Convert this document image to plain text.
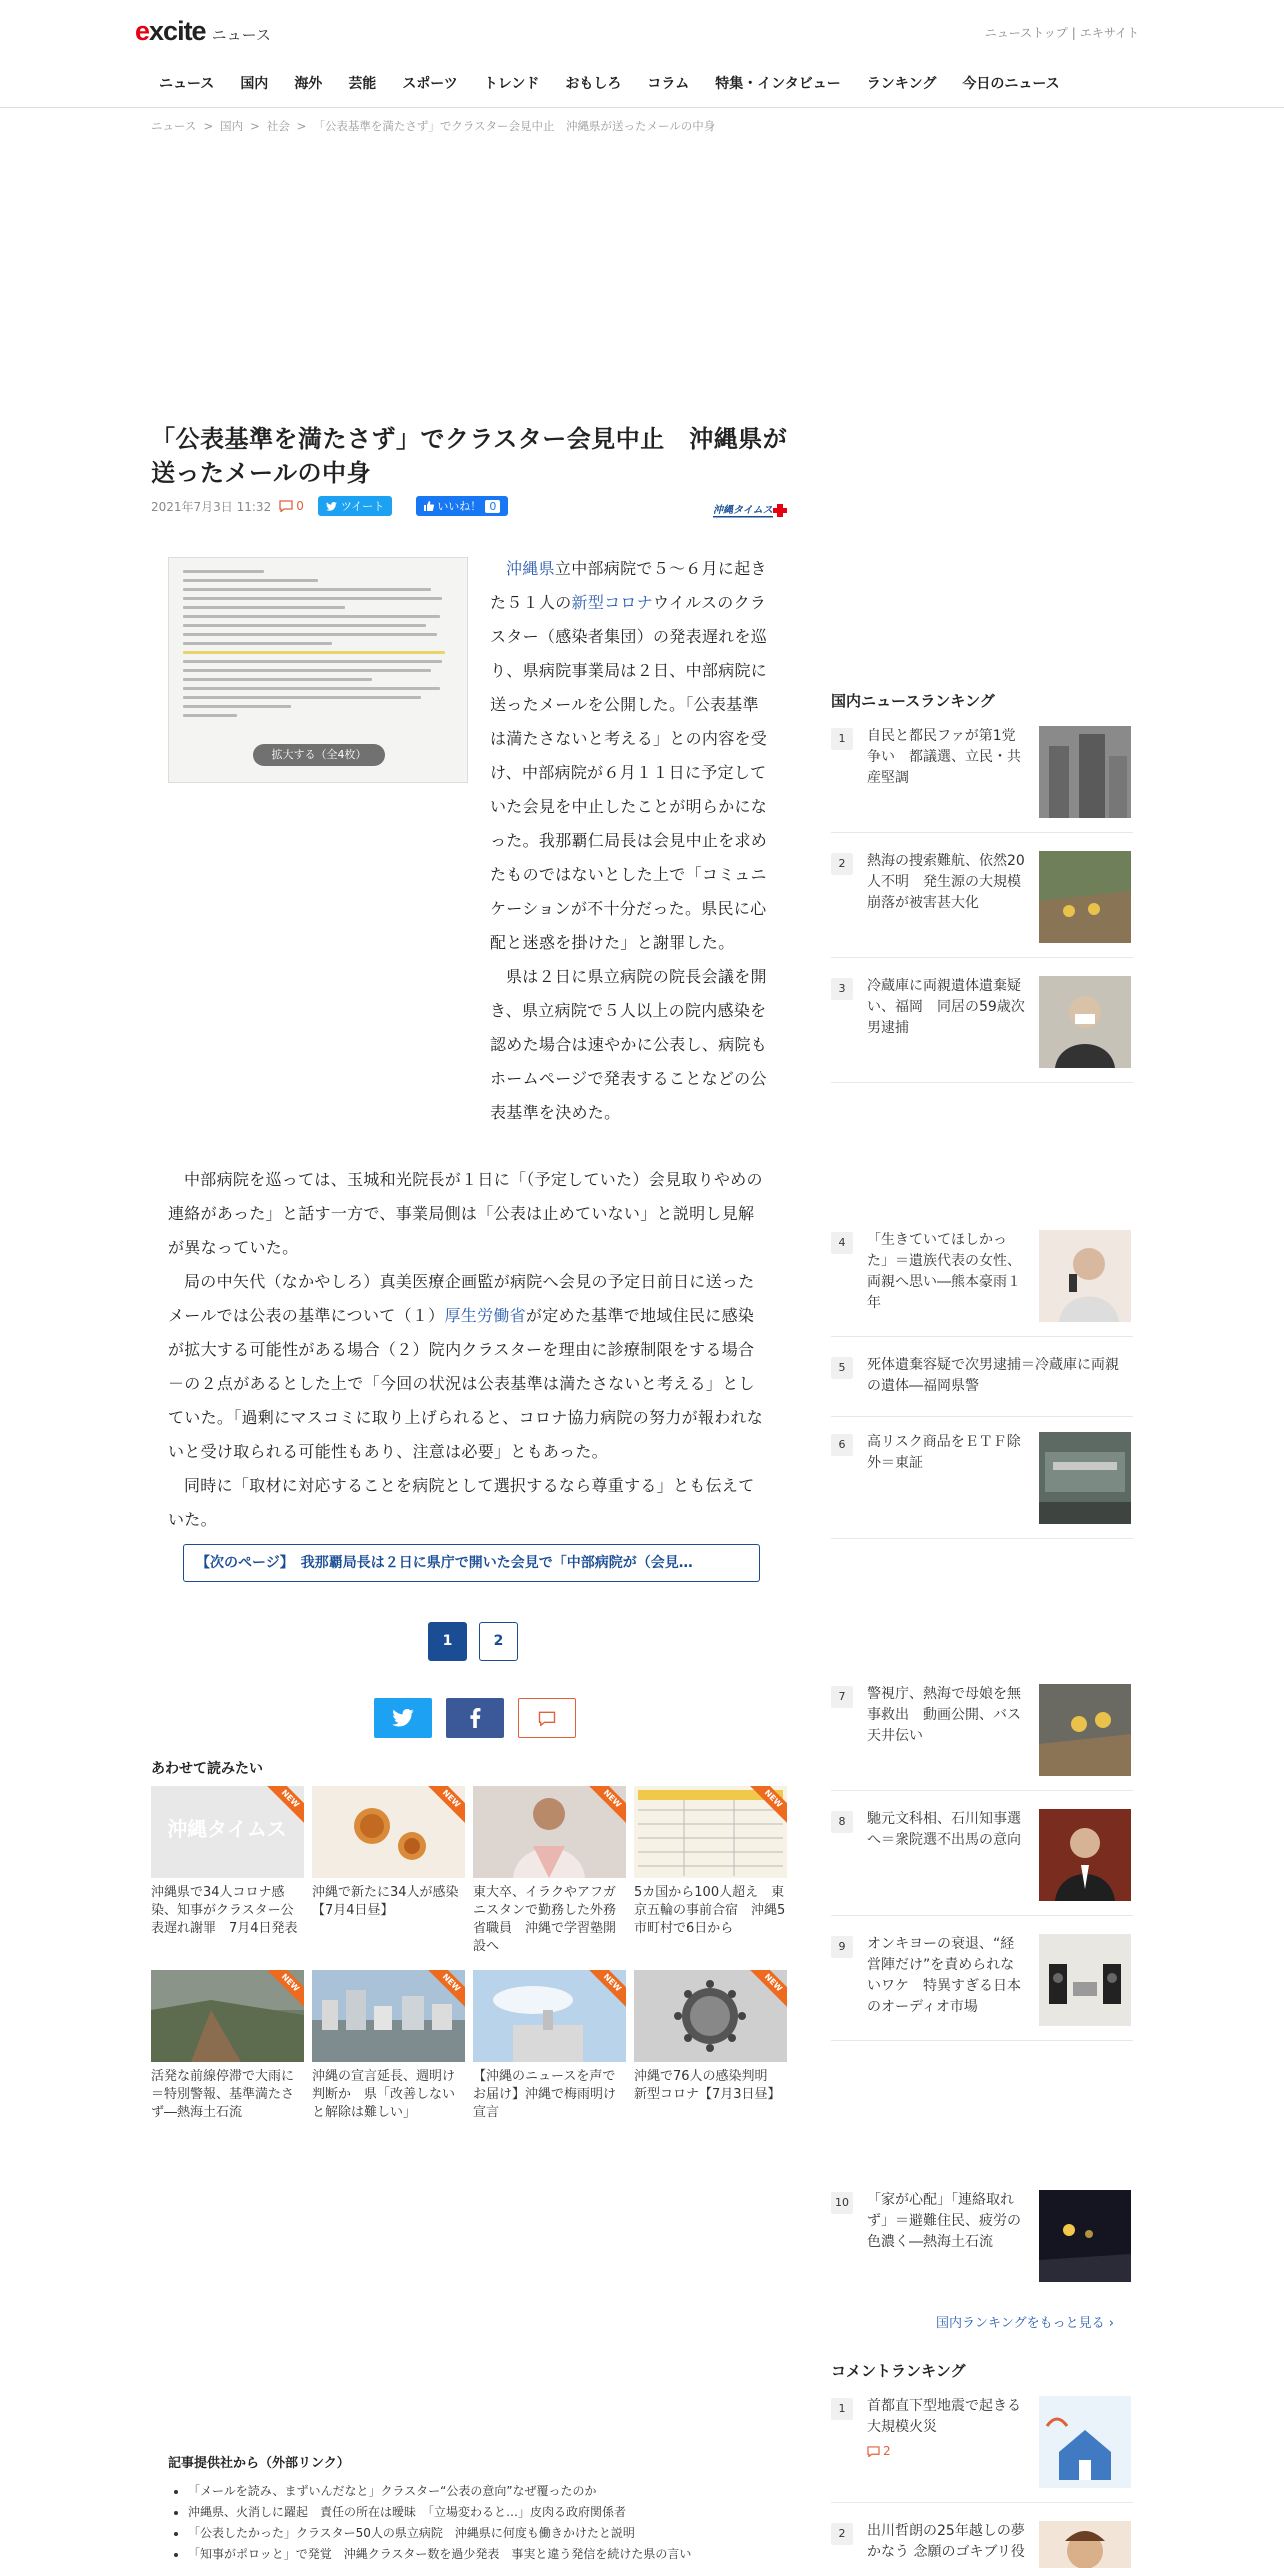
excite ニュース	ニューストップ | エキサイト
ニュース	国内	海外	芸能	スポーツ	トレンド	おもしろ	コラム	特集・インタビュー	ランキング	今日のニュース
ニュース > 国内 > 社会 > 「公表基準を満たさず」でクラスター会見中止　沖縄県が送ったメールの中身
「公表基準を満たさず」でクラスター会見中止　沖縄県が送ったメールの中身
2021年7月3日 11:32 0	ツイート	いいね！ 0	沖縄タイムス
拡大する（全4枚）

沖縄県立中部病院で５～６月に起きた５１人の新型コロナウイルスのクラスター（感染者集団）の発表遅れを巡り、県病院事業局は２日、中部病院に送ったメールを公開した。「公表基準は満たさないと考える」との内容を受け、中部病院が６月１１日に予定していた会見を中止したことが明らかになった。我那覇仁局長は会見中止を求めたものではないとした上で「コミュニケーションが不十分だった。県民に心配と迷惑を掛けた」と謝罪した。

県は２日に県立病院の院長会議を開き、県立病院で５人以上の院内感染を認めた場合は速やかに公表し、病院もホームページで発表することなどの公表基準を決めた。

中部病院を巡っては、玉城和光院長が１日に「（予定していた）会見取りやめの連絡があった」と話す一方で、事業局側は「公表は止めていない」と説明し見解が異なっていた。

局の中矢代（なかやしろ）真美医療企画監が病院へ会見の予定日前日に送ったメールでは公表の基準について（１）厚生労働省が定めた基準で地域住民に感染が拡大する可能性がある場合（２）院内クラスターを理由に診療制限をする場合－の２点があるとした上で「今回の状況は公表基準は満たさないと考える」としていた。「過剰にマスコミに取り上げられると、コロナ協力病院の努力が報われないと受け取られる可能性もあり、注意は必要」ともあった。

同時に「取材に対応することを病院として選択するなら尊重する」とも伝えていた。

【次のページ】　我那覇局長は２日に県庁で開いた会見で「中部病院が（会見…
1	2
あわせて読みたい
沖縄タイムス
NEW
沖縄県で34人コロナ感染、知事がクラスター公表遅れ謝罪　7月4日発表
NEW
沖縄で新たに34人が感染【7月4日昼】
NEW
東大卒、イラクやアフガニスタンで勤務した外務省職員　沖縄で学習塾開設へ
NEW
5カ国から100人超え　東京五輪の事前合宿　沖縄5市町村で6日から
NEW
活発な前線停滞で大雨に＝特別警報、基準満たさず―熱海土石流
NEW
沖縄の宣言延長、週明け判断か　県「改善しないと解除は難しい」
NEW
【沖縄のニュースを声でお届け】沖縄で梅雨明け宣言
NEW
沖縄で76人の感染判明　新型コロナ【7月3日昼】
記事提供社から（外部リンク）
• 「メールを読み、まずいんだなと」クラスター“公表の意向”なぜ覆ったのか
• 沖縄県、火消しに躍起　責任の所在は曖昧　「立場変わると…」皮肉る政府関係者
• 「公表したかった」クラスター50人の県立病院　沖縄県に何度も働きかけたと説明
• 「知事がポロッと」で発覚　沖縄クラスター数を過少発表　事実と違う発信を続けた県の言い
国内ニュースランキング
1	自民と都民ファが第1党争い　都議選、立民・共産堅調
2	熱海の捜索難航、依然20人不明　発生源の大規模崩落が被害甚大化
3	冷蔵庫に両親遺体遺棄疑い、福岡　同居の59歳次男逮捕
4	「生きていてほしかった」＝遺族代表の女性、両親へ思い―熊本豪雨１年
5	死体遺棄容疑で次男逮捕＝冷蔵庫に両親の遺体―福岡県警
6	高リスク商品をＥＴＦ除外＝東証
7	警視庁、熱海で母娘を無事救出　動画公開、バス天井伝い
8	馳元文科相、石川知事選へ＝衆院選不出馬の意向
9	オンキヨーの衰退、“経営陣だけ”を責められないワケ　特異すぎる日本のオーディオ市場
10 「家が心配」「連絡取れず」＝避難住民、疲労の色濃く―熱海土石流
国内ランキングをもっと見る ›
コメントランキング
1	首都直下型地震で起きる大規模火災
2
2	出川哲朗の25年越しの夢かなう 念願のゴキブリ役
